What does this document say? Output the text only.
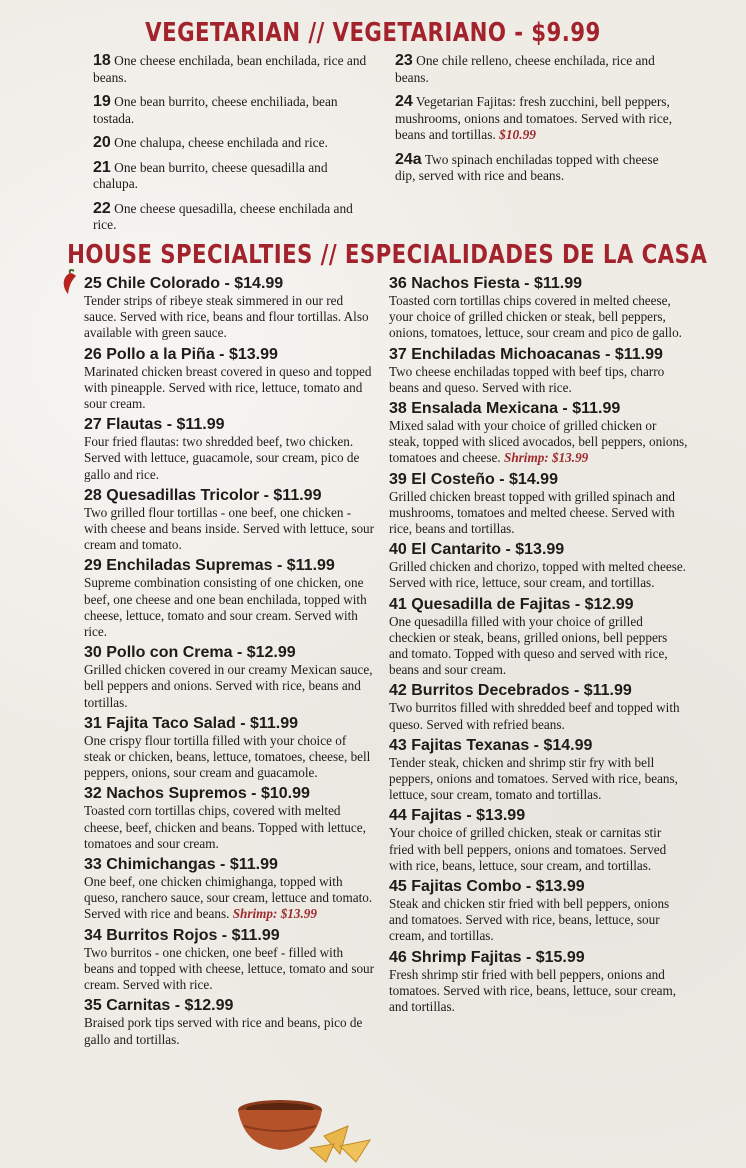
VEGETARIAN // VEGETARIANO - $9.99
18 One cheese enchilada, bean enchilada, rice and beans.
19 One bean burrito, cheese enchiliada, bean tostada.
20 One chalupa, cheese enchilada and rice.
21 One bean burrito, cheese quesadilla and chalupa.
22 One cheese quesadilla, cheese enchilada and rice.
23 One chile relleno, cheese enchilada, rice and beans.
24 Vegetarian Fajitas: fresh zucchini, bell peppers, mushrooms, onions and tomatoes. Served with rice, beans and tortillas. $10.99
24a Two spinach enchiladas topped with cheese dip, served with rice and beans.
HOUSE SPECIALTIES // ESPECIALIDADES DE LA CASA
25 Chile Colorado - $14.99
Tender strips of ribeye steak simmered in our red sauce. Served with rice, beans and flour tortillas. Also available with green sauce.
26 Pollo a la Piña - $13.99
Marinated chicken breast covered in queso and topped with pineapple. Served with rice, lettuce, tomato and sour cream.
27 Flautas - $11.99
Four fried flautas: two shredded beef, two chicken. Served with lettuce, guacamole, sour cream, pico de gallo and rice.
28 Quesadillas Tricolor - $11.99
Two grilled flour tortillas - one beef, one chicken - with cheese and beans inside. Served with lettuce, sour cream and tomato.
29 Enchiladas Supremas - $11.99
Supreme combination consisting of one chicken, one beef, one cheese and one bean enchilada, topped with cheese, lettuce, tomato and sour cream. Served with rice.
30 Pollo con Crema - $12.99
Grilled chicken covered in our creamy Mexican sauce, bell peppers and onions. Served with rice, beans and tortillas.
31 Fajita Taco Salad - $11.99
One crispy flour tortilla filled with your choice of steak or chicken, beans, lettuce, tomatoes, cheese, bell peppers, onions, sour cream and guacamole.
32 Nachos Supremos - $10.99
Toasted corn tortillas chips, covered with melted cheese, beef, chicken and beans. Topped with lettuce, tomatoes and sour cream.
33 Chimichangas - $11.99
One beef, one chicken chimighanga, topped with queso, ranchero sauce, sour cream, lettuce and tomato. Served with rice and beans. Shrimp: $13.99
34 Burritos Rojos - $11.99
Two burritos - one chicken, one beef - filled with beans and topped with cheese, lettuce, tomato and sour cream. Served with rice.
35 Carnitas - $12.99
Braised pork tips served with rice and beans, pico de gallo and tortillas.
36 Nachos Fiesta - $11.99
Toasted corn tortillas chips covered in melted cheese, your choice of grilled chicken or steak, bell peppers, onions, tomatoes, lettuce, sour cream and pico de gallo.
37 Enchiladas Michoacanas - $11.99
Two cheese enchiladas topped with beef tips, charro beans and queso. Served with rice.
38 Ensalada Mexicana - $11.99
Mixed salad with your choice of grilled chicken or steak, topped with sliced avocados, bell peppers, onions, tomatoes and cheese. Shrimp: $13.99
39 El Costeño - $14.99
Grilled chicken breast topped with grilled spinach and mushrooms, tomatoes and melted cheese. Served with rice, beans and tortillas.
40 El Cantarito - $13.99
Grilled chicken and chorizo, topped with melted cheese. Served with rice, lettuce, sour cream, and tortillas.
41 Quesadilla de Fajitas - $12.99
One quesadilla filled with your choice of grilled checkien or steak, beans, grilled onions, bell peppers and tomato. Topped with queso and served with rice, beans and sour cream.
42 Burritos Decebrados - $11.99
Two burritos filled with shredded beef and topped with queso. Served with refried beans.
43 Fajitas Texanas - $14.99
Tender steak, chicken and shrimp stir fry with bell peppers, onions and tomatoes. Served with rice, beans, lettuce, sour cream, tomato and tortillas.
44 Fajitas - $13.99
Your choice of grilled chicken, steak or carnitas stir fried with bell peppers, onions and tomatoes. Served with rice, beans, lettuce, sour cream, and tortillas.
45 Fajitas Combo - $13.99
Steak and chicken stir fried with bell peppers, onions and tomatoes. Served with rice, beans, lettuce, sour cream, and tortillas.
46 Shrimp Fajitas - $15.99
Fresh shrimp stir fried with bell peppers, onions and tomatoes. Served with rice, beans, lettuce, sour cream, and tortillas.
